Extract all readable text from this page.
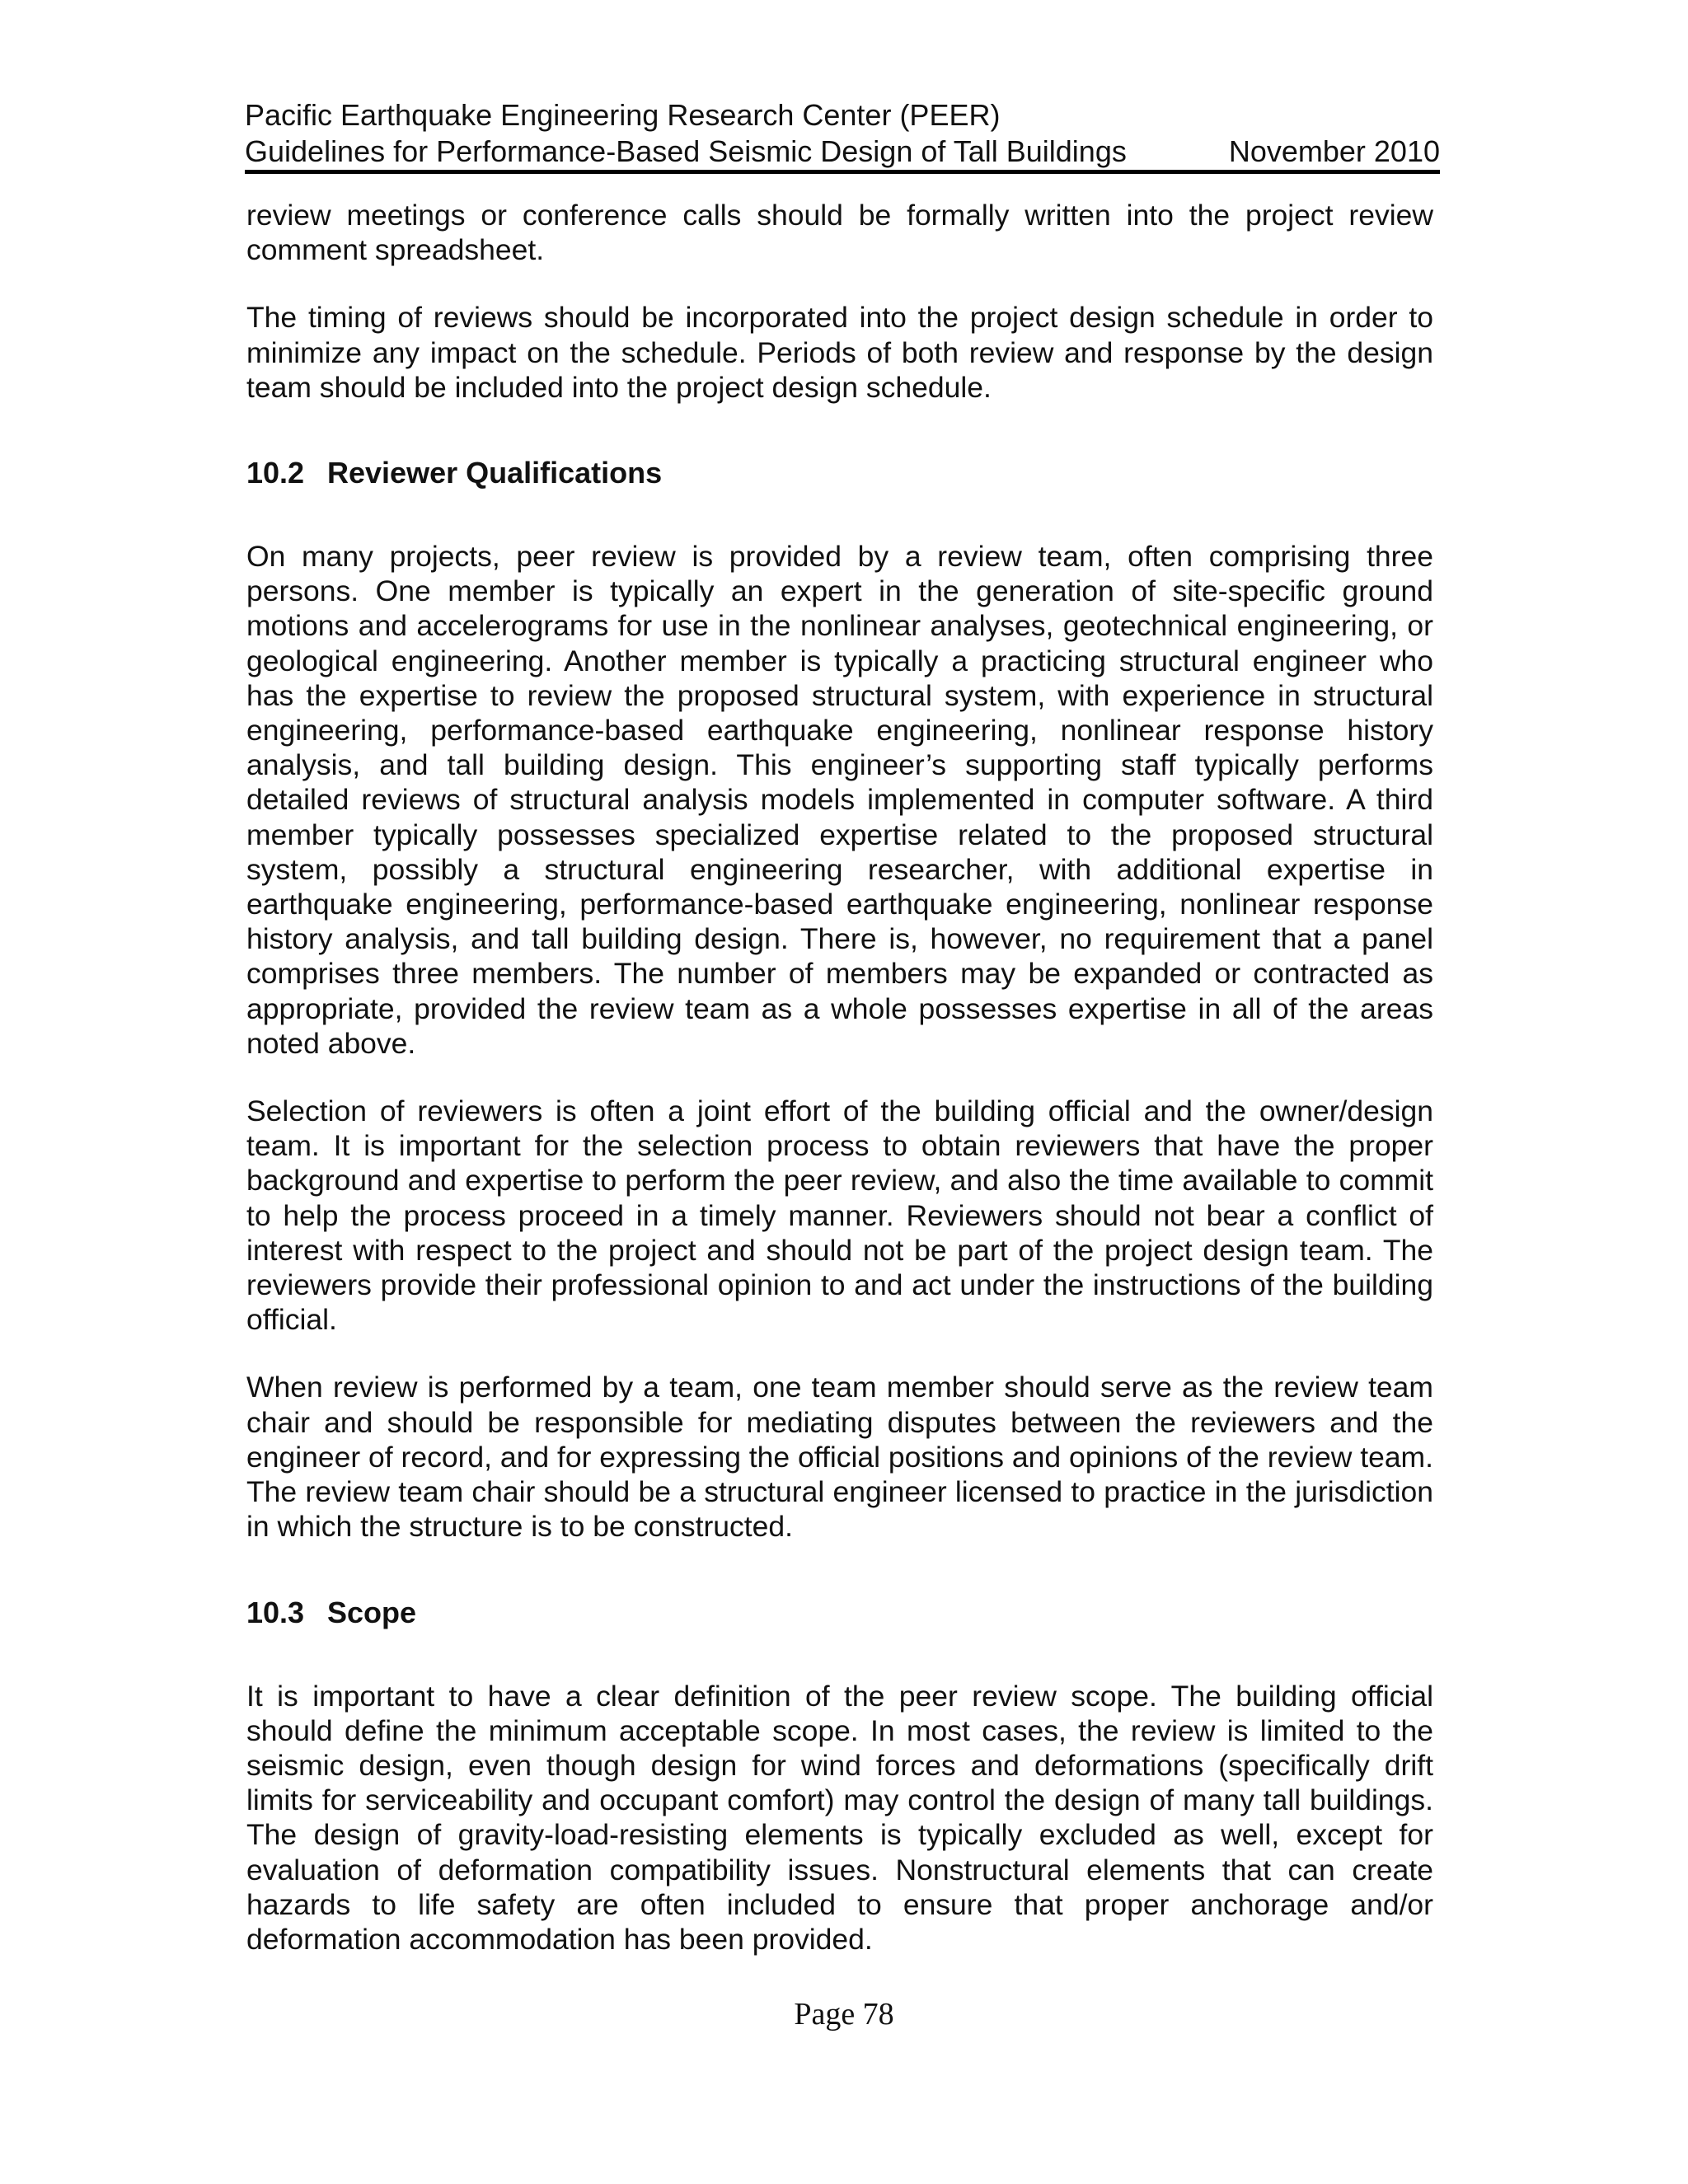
Pacific Earthquake Engineering Research Center (PEER)
Guidelines for Performance-Based Seismic Design of Tall Buildings	November 2010

review meetings or conference calls should be formally written into the project review comment spreadsheet.

The timing of reviews should be incorporated into the project design schedule in order to minimize any impact on the schedule. Periods of both review and response by the design team should be included into the project design schedule.

10.2 Reviewer Qualifications

On many projects, peer review is provided by a review team, often comprising three persons. One member is typically an expert in the generation of site-specific ground motions and accelerograms for use in the nonlinear analyses, geotechnical engineering, or geological engineering. Another member is typically a practicing structural engineer who has the expertise to review the proposed structural system, with experience in structural engineering, performance-based earthquake engineering, nonlinear response history analysis, and tall building design. This engineer’s supporting staff typically performs detailed reviews of structural analysis models implemented in computer software. A third member typically possesses specialized expertise related to the proposed structural system, possibly a structural engineering researcher, with additional expertise in earthquake engineering, performance-based earthquake engineering, nonlinear response history analysis, and tall building design. There is, however, no requirement that a panel comprises three members. The number of members may be expanded or contracted as appropriate, provided the review team as a whole possesses expertise in all of the areas noted above.

Selection of reviewers is often a joint effort of the building official and the owner/design team. It is important for the selection process to obtain reviewers that have the proper background and expertise to perform the peer review, and also the time available to commit to help the process proceed in a timely manner. Reviewers should not bear a conflict of interest with respect to the project and should not be part of the project design team. The reviewers provide their professional opinion to and act under the instructions of the building official.

When review is performed by a team, one team member should serve as the review team chair and should be responsible for mediating disputes between the reviewers and the engineer of record, and for expressing the official positions and opinions of the review team. The review team chair should be a structural engineer licensed to practice in the jurisdiction in which the structure is to be constructed.

10.3 Scope

It is important to have a clear definition of the peer review scope. The building official should define the minimum acceptable scope. In most cases, the review is limited to the seismic design, even though design for wind forces and deformations (specifically drift limits for serviceability and occupant comfort) may control the design of many tall buildings. The design of gravity-load-resisting elements is typically excluded as well, except for evaluation of deformation compatibility issues. Nonstructural elements that can create hazards to life safety are often included to ensure that proper anchorage and/or deformation accommodation has been provided.

Page 78
